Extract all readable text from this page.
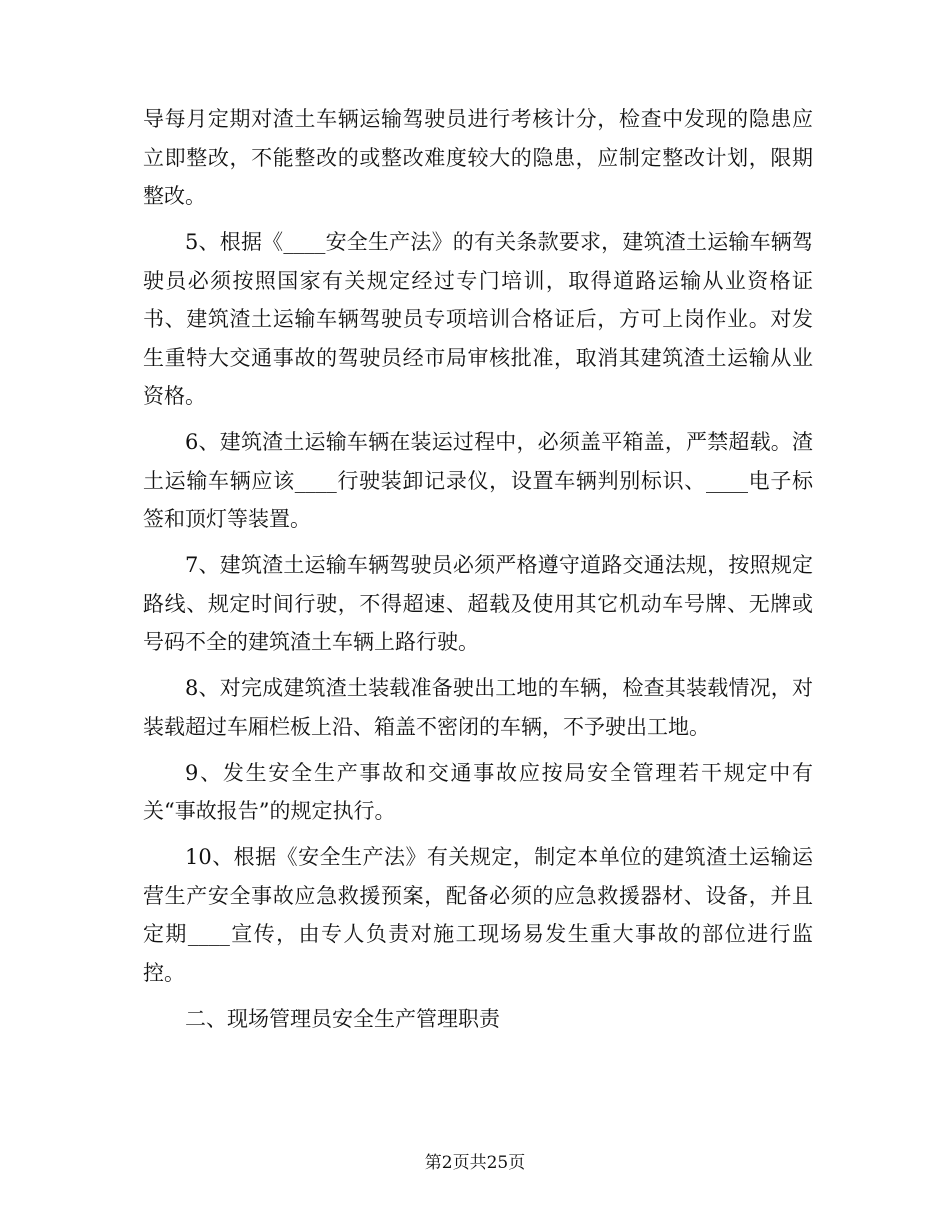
导每月定期对渣土车辆运输驾驶员进行考核计分，检查中发现的隐患应立即整改，不能整改的或整改难度较大的隐患，应制定整改计划，限期整改。

5、根据《____安全生产法》的有关条款要求，建筑渣土运输车辆驾驶员必须按照国家有关规定经过专门培训，取得道路运输从业资格证书、建筑渣土运输车辆驾驶员专项培训合格证后，方可上岗作业。对发生重特大交通事故的驾驶员经市局审核批准，取消其建筑渣土运输从业资格。

6、建筑渣土运输车辆在装运过程中，必须盖平箱盖，严禁超载。渣土运输车辆应该____行驶装卸记录仪，设置车辆判别标识、____电子标签和顶灯等装置。

7、建筑渣土运输车辆驾驶员必须严格遵守道路交通法规，按照规定路线、规定时间行驶，不得超速、超载及使用其它机动车号牌、无牌或号码不全的建筑渣土车辆上路行驶。

8、对完成建筑渣土装载准备驶出工地的车辆，检查其装载情况，对装载超过车厢栏板上沿、箱盖不密闭的车辆，不予驶出工地。

9、发生安全生产事故和交通事故应按局安全管理若干规定中有关“事故报告”的规定执行。

10、根据《安全生产法》有关规定，制定本单位的建筑渣土运输运营生产安全事故应急救援预案，配备必须的应急救援器材、设备，并且定期____宣传，由专人负责对施工现场易发生重大事故的部位进行监控。

二、现场管理员安全生产管理职责

第2页共25页
